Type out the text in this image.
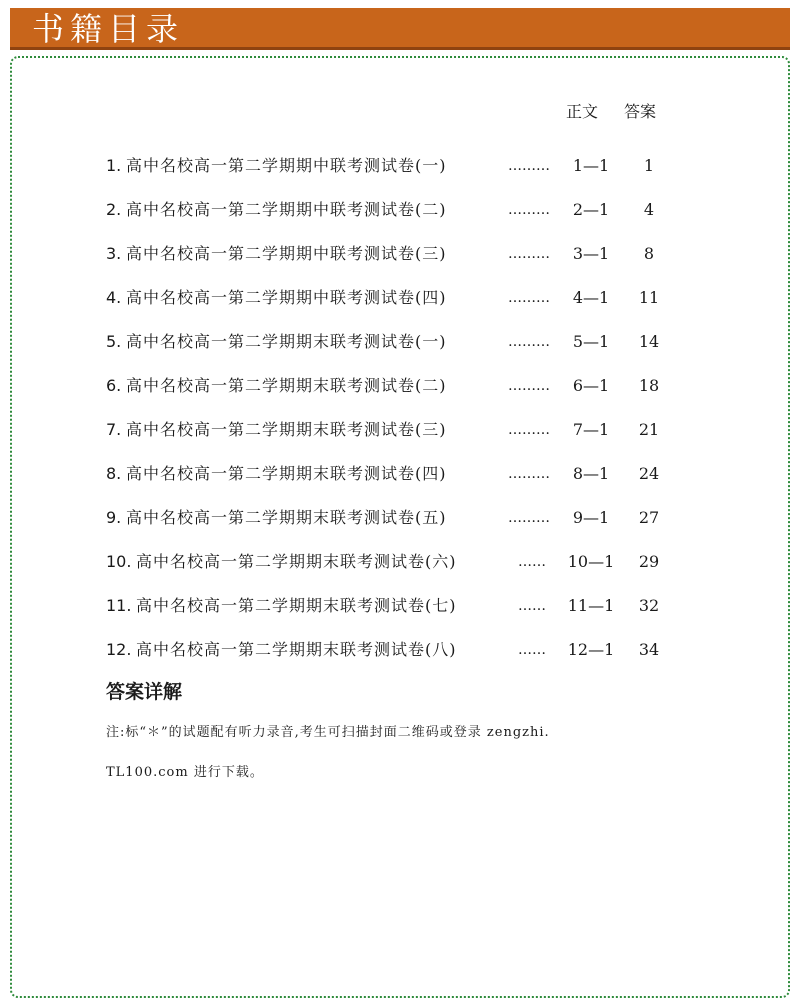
书籍目录
正文 答案
1. 高中名校高一第二学期期中联考测试卷(一)	………	1—1	1
2. 高中名校高一第二学期期中联考测试卷(二)	………	2—1	4
3. 高中名校高一第二学期期中联考测试卷(三)	………	3—1	8
4. 高中名校高一第二学期期中联考测试卷(四)	………	4—1	11
5. 高中名校高一第二学期期末联考测试卷(一)	………	5—1	14
6. 高中名校高一第二学期期末联考测试卷(二)	………	6—1	18
7. 高中名校高一第二学期期末联考测试卷(三)	………	7—1	21
8. 高中名校高一第二学期期末联考测试卷(四)	………	8—1	24
9. 高中名校高一第二学期期末联考测试卷(五)	………	9—1	27
10. 高中名校高一第二学期期末联考测试卷(六)	…… 10—1	29
11. 高中名校高一第二学期期末联考测试卷(七)	…… 11—1	32
12. 高中名校高一第二学期期末联考测试卷(八)	…… 12—1	34
答案详解
注:标“＊”的试题配有听力录音,考生可扫描封面二维码或登录 zengzhi.
TL100.com 进行下载。
